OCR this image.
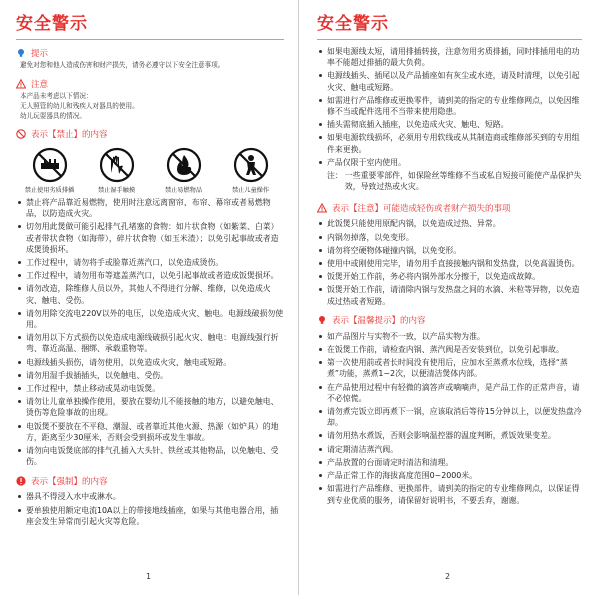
安全警示
提示
避免对您和他人造成伤害和财产损失，请务必遵守以下安全注意事项。
注意
本产品未考虑以下情况：
无人照管的幼儿和残疾人对器具的使用。
幼儿玩耍器具的情况。
表示【禁止】的内容
禁止使用劣质排插	禁止湿手触摸	禁止易燃物品	禁止儿童操作
禁止将产品靠近易燃物，使用时注意远离窗帘、布帘、幕帘或者易燃物品，以防造成火灾。
切勿用此煲做可能引起排气孔堵塞的食物：如片状食物（如紫菜、白菜）或者带状食物（如海带），碎片状食物（如玉米渣）；以免引起事故或者造成煲烫损坏。
工作过程中，请勿将手或脸靠近蒸汽口，以免造成烫伤。
工作过程中，请勿用布等遮盖蒸汽口，以免引起事故或者造成饭煲损坏。
请勿改造，除维修人员以外，其他人不得进行分解、维修，以免造成火灾、触电、受伤。
请勿用除交流电220V以外的电压，以免造成火灾、触电。电源线破损勿使用。
请勿用以下方式损伤以免造成电源线破损引起火灾、触电：电源线强行折弯、靠近高温、捆绑、承载重物等。
电源线插头损伤，请勿使用，以免造成火灾、触电或短路。
请勿用湿手拔插插头，以免触电、受伤。
工作过程中，禁止移动或晃动电饭煲。
请勿让儿童单独操作使用，要放在婴幼儿不能接触的地方，以避免触电、烫伤等危险事故的出现。
电饭煲不要放在不平稳、潮湿、或者靠近其他火源、热源（如炉具）的地方，距离至少30厘米，否则会受到损坏或发生事故。
请勿向电饭煲底部的排气孔插入大头针、铁丝或其他物品，以免触电、受伤。
表示【强制】的内容
器具不得浸入水中或淋水。
要单独使用额定电流10A以上的带接地线插座，如果与其他电器合用，插座会发生异常而引起火灾等危险。
1
安全警示
如果电源线太短，请用排插转接，注意勿用劣质排插，同时排插用电的功率不能超过排插的最大负荷。
电源线插头、插尾以及产品插座如有灰尘或水迹，请及时清理，以免引起火灾、触电或短路。
如需进行产品维修或更换零件，请到美的指定的专业维修网点，以免因维修不当或配件选用不当带来使用隐患。
插头需彻底插入插座，以免造成火灾、触电、短路。
如果电源软线损坏，必须用专用软线或从其制造商或维修部买到的专用组件来更换。
产品仅限于室内使用。
注： 一些重要零部件，如保险丝等维修不当或私自短接可能使产品保护失效，导致过热或火灾。
表示【注意】可能造成轻伤或者财产损失的事项
此饭煲只能使用原配内锅，以免造成过热、异常。
内锅勿掉落，以免变形。
请勿将空硬物体碰撞内锅，以免变形。
使用中或刚使用完毕，请勿用手直接接触内锅和发热盘，以免高温烫伤。
饭煲开始工作前，务必将内锅外部水分擦干，以免造成故障。
饭煲开始工作前，请清除内锅与发热盘之间的水滴、米粒等异物，以免造成过热或者短路。
表示【温馨提示】的内容
如产品图片与实物不一致，以产品实物为准。
在饭煲工作前，请检查内锅、蒸汽阀是否安装到位，以免引起事故。
第一次使用前或者长时间没有使用后，应加水至蒸煮水位线，选择“蒸煮”功能，蒸煮1~2次，以便清洁煲体内部。
在产品使用过程中有轻微的滴答声或嘀嘀声，是产品工作的正常声音，请不必惊慌。
请勿煮完饭立即再煮下一锅，应该取消后等待15分钟以上，以便发热盘冷却。
请勿用热水煮饭，否则会影响温控器的温度判断，煮饭效果变差。
请定期清洁蒸汽阀。
产品放置的台面请定时清洁和清理。
产品正常工作的海拔高度范围0~2000米。
如需进行产品维修、更换部件，请到美的指定的专业维修网点，以保证得到专业优质的服务，请保留好说明书，不要丢弃，谢谢。
2
